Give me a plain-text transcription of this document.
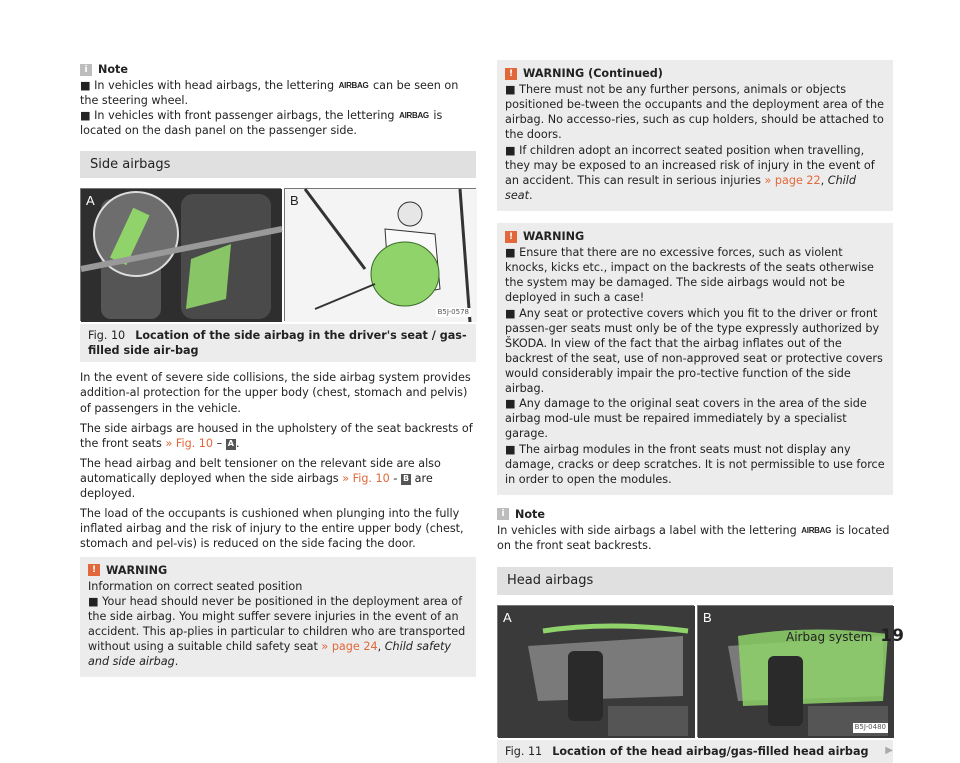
i Note

■ In vehicles with head airbags, the lettering AIRBAG can be seen on the steering wheel.

■ In vehicles with front passenger airbags, the lettering AIRBAG is located on the dash panel on the passenger side.

Side airbags
A	B
B5J-0578
Fig. 10 Location of the side airbag in the driver's seat / gas-filled side air-bag

In the event of severe side collisions, the side airbag system provides addition-al protection for the upper body (chest, stomach and pelvis) of passengers in the vehicle.

The side airbags are housed in the upholstery of the seat backrests of the front seats » Fig. 10 – A .

The head airbag and belt tensioner on the relevant side are also automatically deployed when the side airbags » Fig. 10 - B are deployed.

The load of the occupants is cushioned when plunging into the fully inflated airbag and the risk of injury to the entire upper body (chest, stomach and pel-vis) is reduced on the side facing the door.

! WARNING

Information on correct seated position

■ Your head should never be positioned in the deployment area of the side airbag. You might suffer severe injuries in the event of an accident. This ap-plies in particular to children who are transported without using a suitable child safety seat » page 24, Child safety and side airbag.

! WARNING (Continued)

■ There must not be any further persons, animals or objects positioned be-tween the occupants and the deployment area of the airbag. No accesso-ries, such as cup holders, should be attached to the doors.

■ If children adopt an incorrect seated position when travelling, they may be exposed to an increased risk of injury in the event of an accident. This can result in serious injuries » page 22, Child seat.

! WARNING

■ Ensure that there are no excessive forces, such as violent knocks, kicks etc., impact on the backrests of the seats otherwise the system may be damaged. The side airbags would not be deployed in such a case!

■ Any seat or protective covers which you fit to the driver or front passen-ger seats must only be of the type expressly authorized by ŠKODA. In view of the fact that the airbag inflates out of the backrest of the seat, use of non-approved seat or protective covers would considerably impair the pro-tective function of the side airbag.

■ Any damage to the original seat covers in the area of the side airbag mod-ule must be repaired immediately by a specialist garage.

■ The airbag modules in the front seats must not display any damage, cracks or deep scratches. It is not permissible to use force in order to open the modules.

i Note

In vehicles with side airbags a label with the lettering AIRBAG is located on the front seat backrests.

Head airbags
A	B
B5J-0480
Fig. 11 Location of the head airbag/gas-filled head airbag ▶
Airbag system 19
